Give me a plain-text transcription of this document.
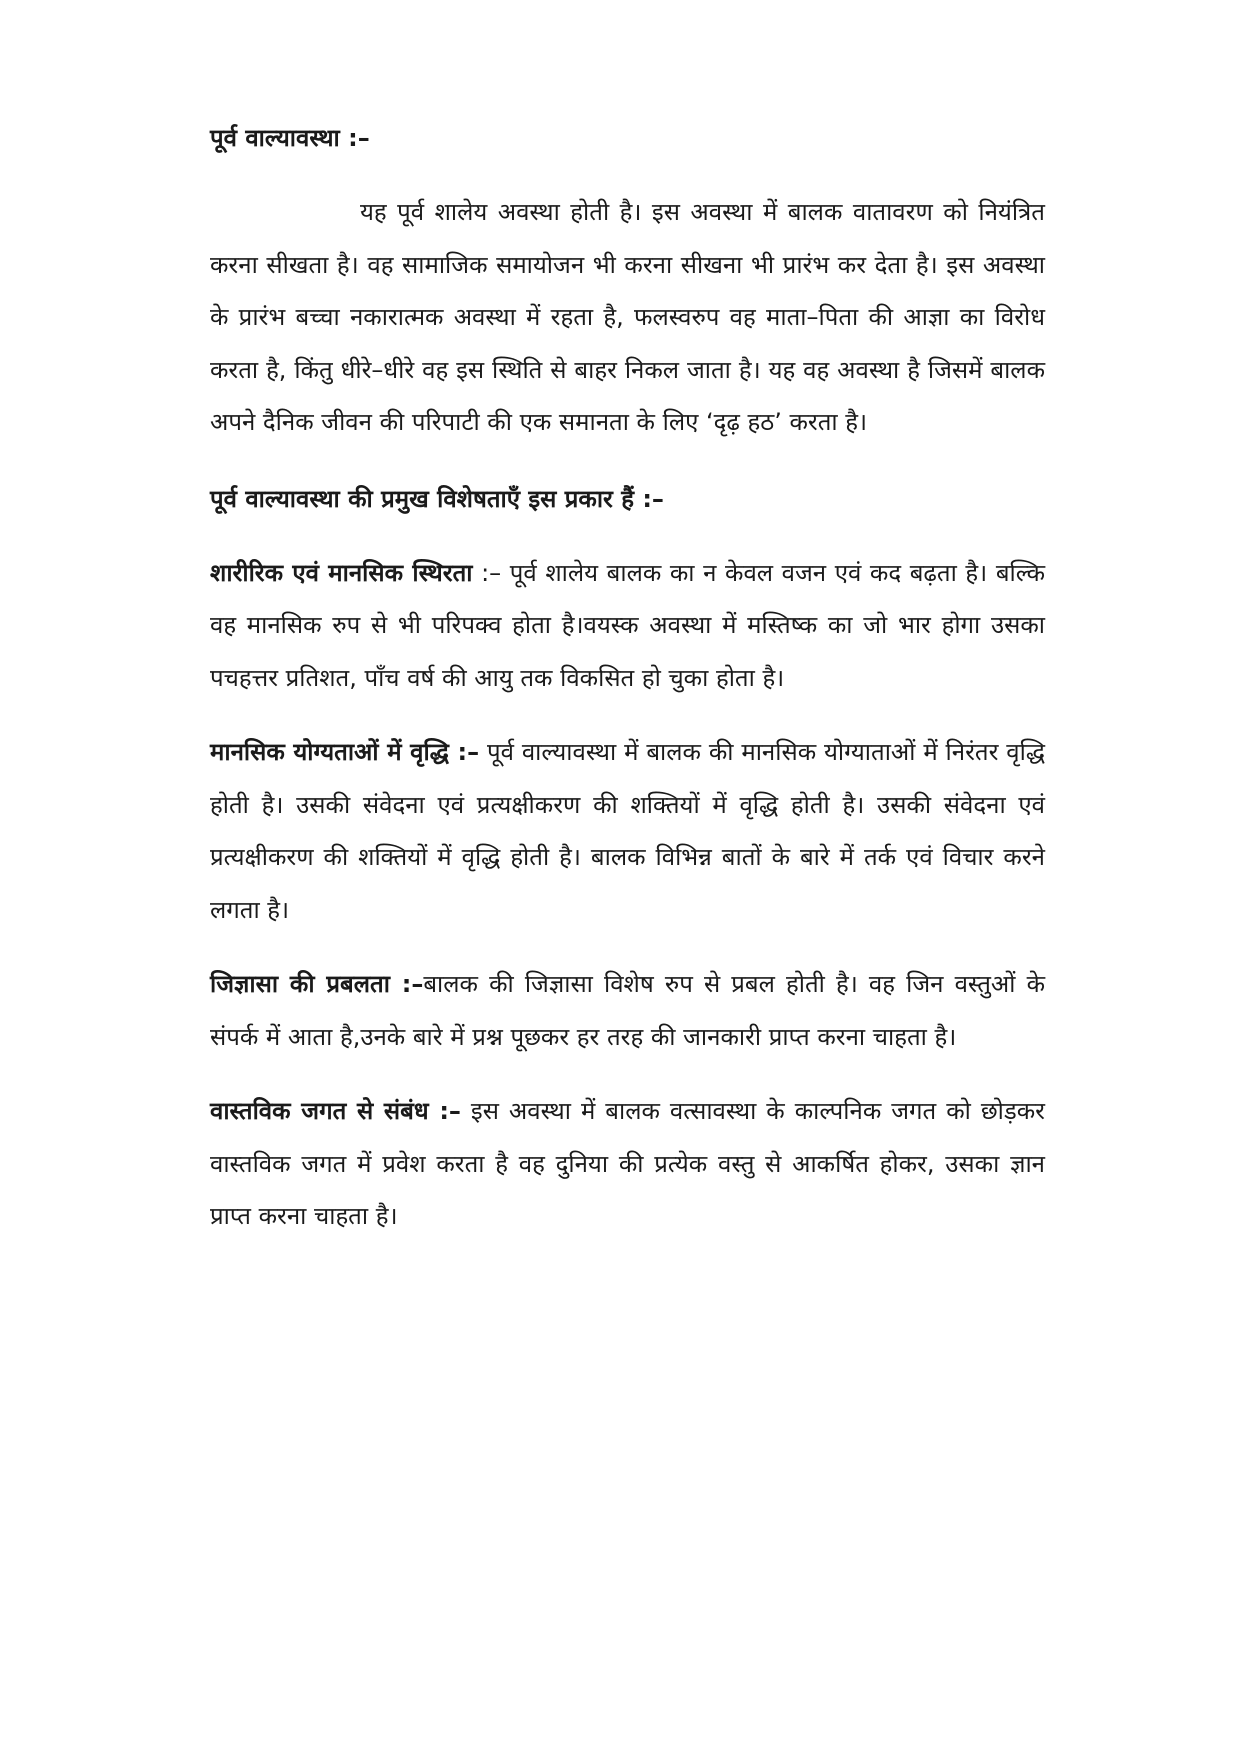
पूर्व वाल्यावस्था :–

यह पूर्व शालेय अवस्था होती है। इस अवस्था में बालक वातावरण को नियंत्रित करना सीखता है। वह सामाजिक समायोजन भी करना सीखना भी प्रारंभ कर देता है। इस अवस्था के प्रारंभ बच्चा नकारात्मक अवस्था में रहता है, फलस्वरुप वह माता–पिता की आज्ञा का विरोध करता है, किंतु धीरे–धीरे वह इस स्थिति से बाहर निकल जाता है। यह वह अवस्था है जिसमें बालक अपने दैनिक जीवन की परिपाटी की एक समानता के लिए ‘दृढ़ हठ’ करता है।

पूर्व वाल्यावस्था की प्रमुख विशेषताएँ इस प्रकार हैं :–

शारीरिक एवं मानसिक स्थिरता :– पूर्व शालेय बालक का न केवल वजन एवं कद बढ़ता है। बल्कि वह मानसिक रुप से भी परिपक्व होता है।वयस्क अवस्था में मस्तिष्क का जो भार होगा उसका पचहत्तर प्रतिशत, पाँच वर्ष की आयु तक विकसित हो चुका होता है।

मानसिक योग्यताओं में वृद्धि :– पूर्व वाल्यावस्था में बालक की मानसिक योग्याताओं में निरंतर वृद्धि होती है। उसकी संवेदना एवं प्रत्यक्षीकरण की शक्तियों में वृद्धि होती है। उसकी संवेदना एवं प्रत्यक्षीकरण की शक्तियों में वृद्धि होती है। बालक विभिन्न बातों के बारे में तर्क एवं विचार करने लगता है।

जिज्ञासा की प्रबलता :–बालक की जिज्ञासा विशेष रुप से प्रबल होती है। वह जिन वस्तुओं के संपर्क में आता है,उनके बारे में प्रश्न पूछकर हर तरह की जानकारी प्राप्त करना चाहता है।

वास्तविक जगत से संबंध :– इस अवस्था में बालक वत्सावस्था के काल्पनिक जगत को छोड़कर वास्तविक जगत में प्रवेश करता है वह दुनिया की प्रत्येक वस्तु से आकर्षित होकर, उसका ज्ञान प्राप्त करना चाहता है।
